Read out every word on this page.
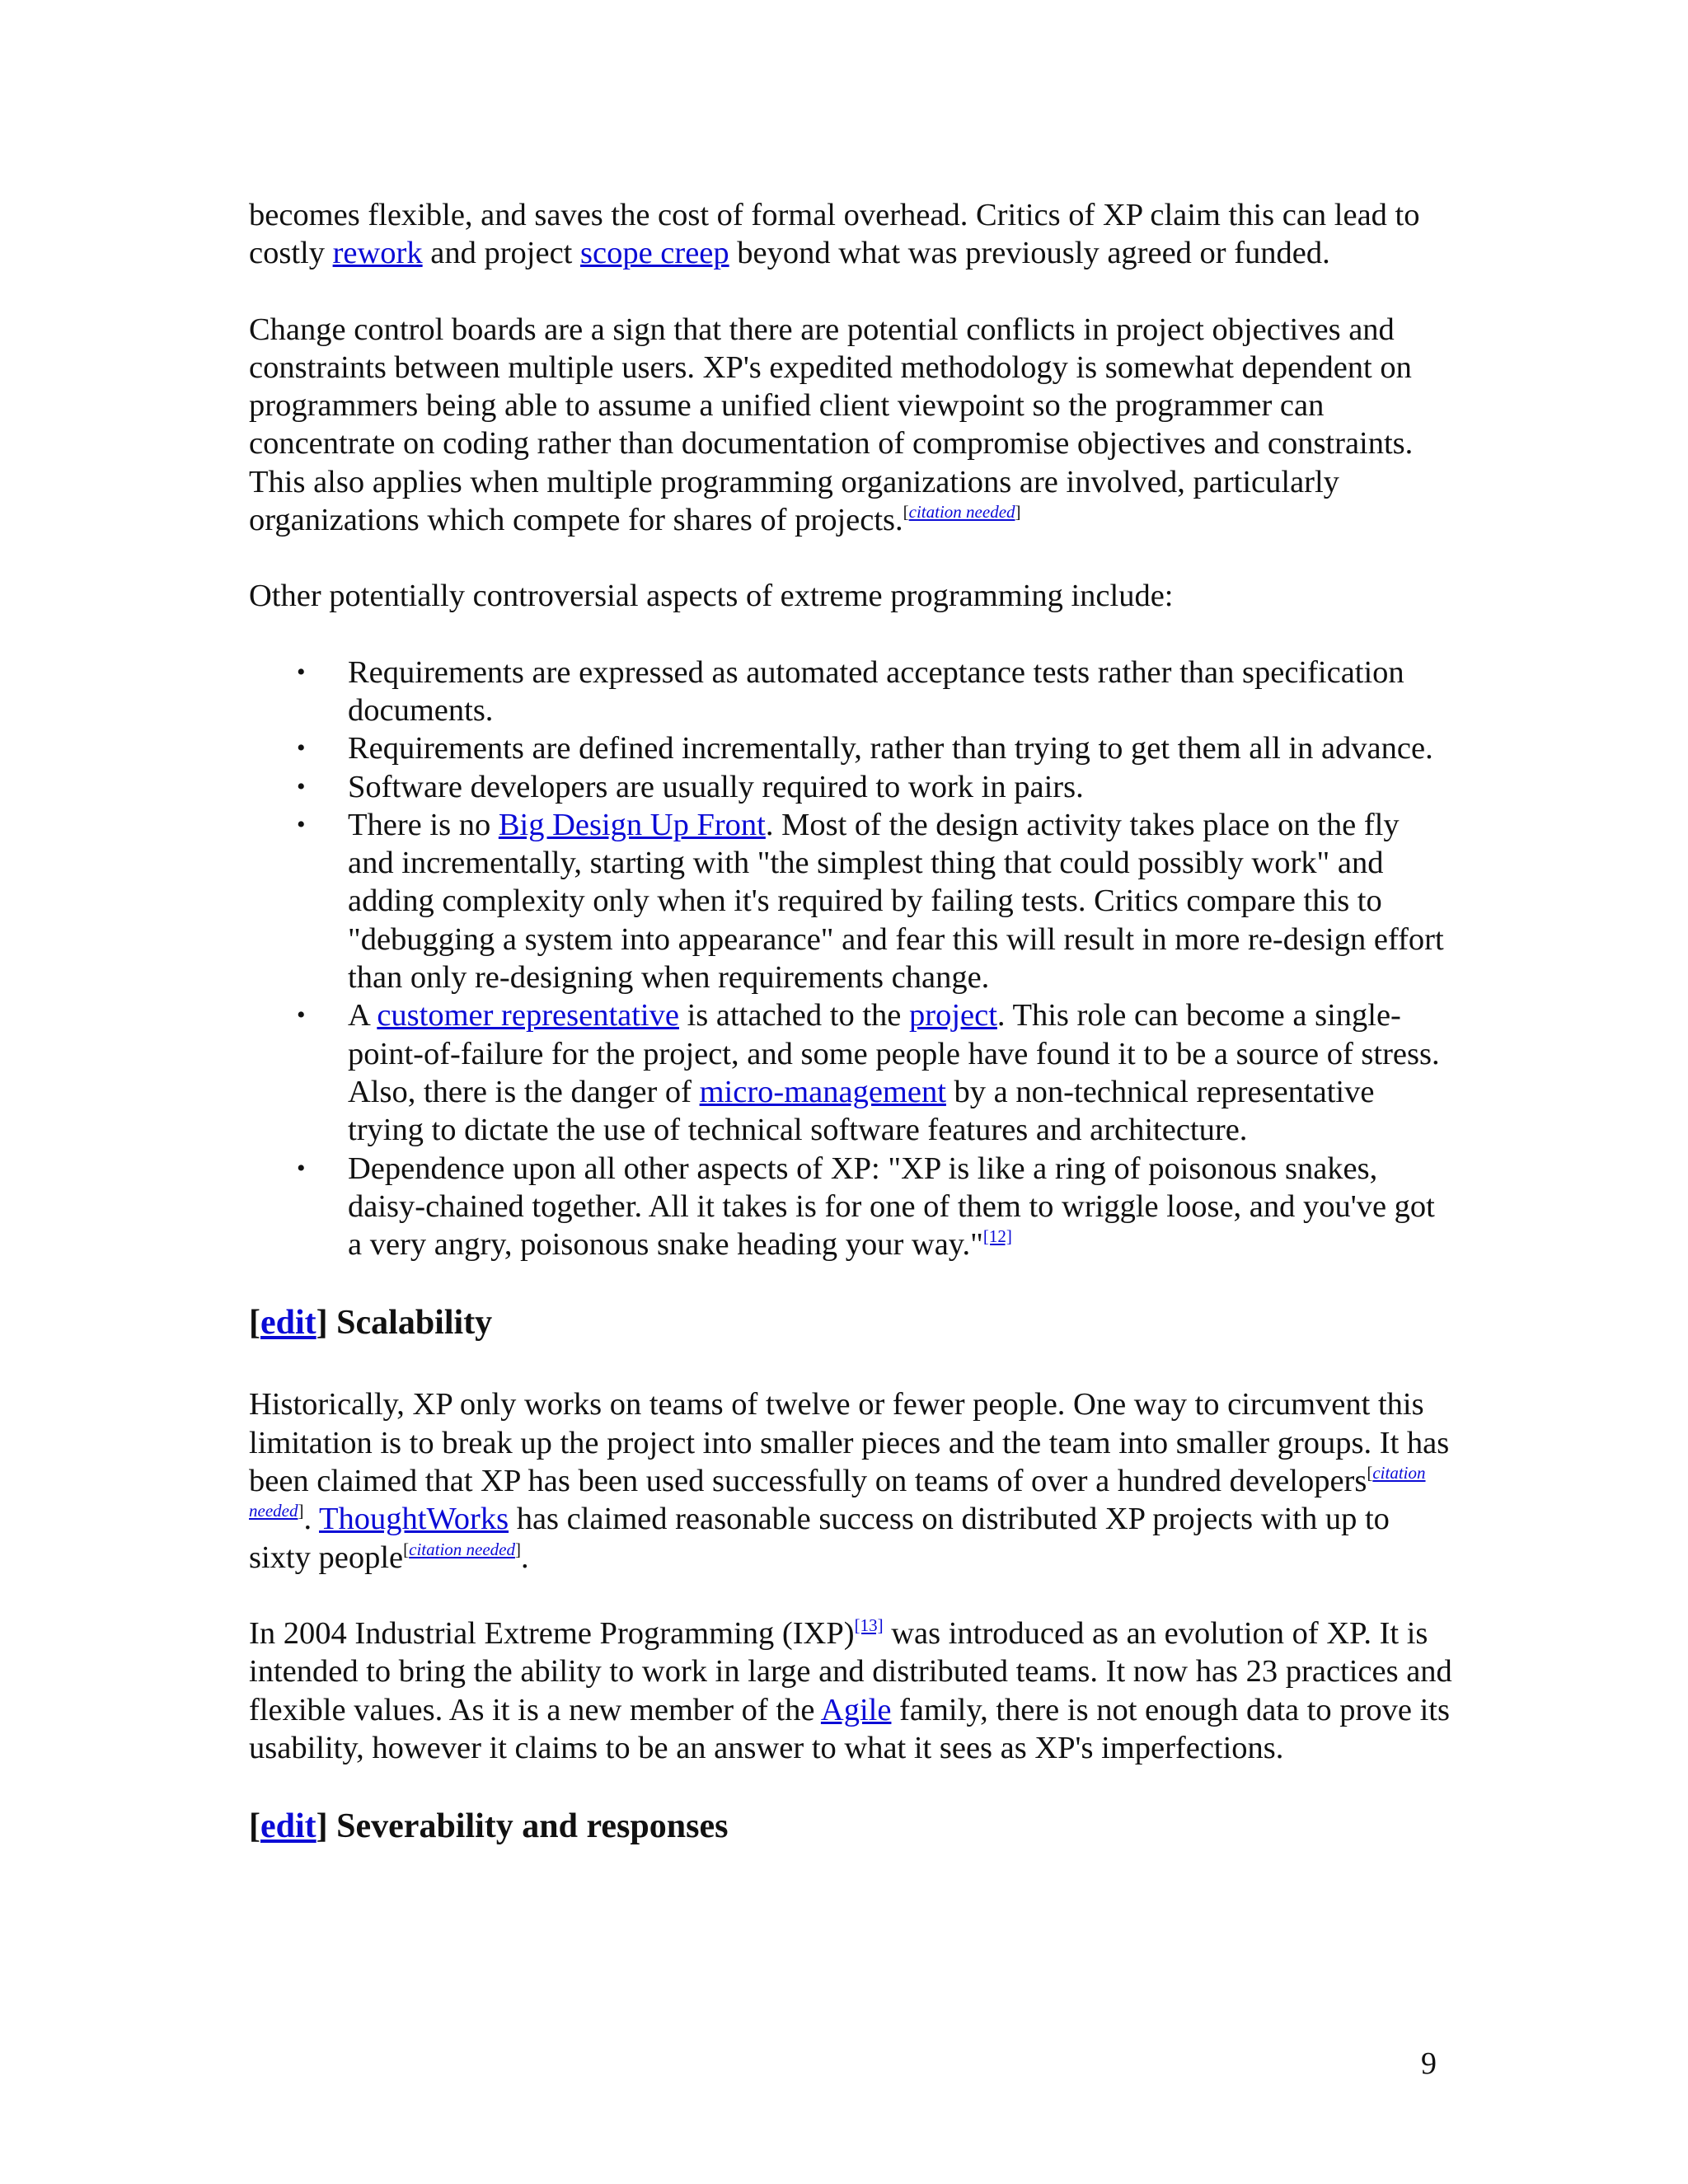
becomes flexible, and saves the cost of formal overhead. Critics of XP claim this can lead to costly rework and project scope creep beyond what was previously agreed or funded.

Change control boards are a sign that there are potential conflicts in project objectives and constraints between multiple users. XP's expedited methodology is somewhat dependent on programmers being able to assume a unified client viewpoint so the programmer can concentrate on coding rather than documentation of compromise objectives and constraints. This also applies when multiple programming organizations are involved, particularly organizations which compete for shares of projects.[citation needed]

Other potentially controversial aspects of extreme programming include:

• Requirements are expressed as automated acceptance tests rather than specification documents.
• Requirements are defined incrementally, rather than trying to get them all in advance.
• Software developers are usually required to work in pairs.
• There is no Big Design Up Front. Most of the design activity takes place on the fly and incrementally, starting with "the simplest thing that could possibly work" and adding complexity only when it's required by failing tests. Critics compare this to "debugging a system into appearance" and fear this will result in more re-design effort than only re-designing when requirements change.
• A customer representative is attached to the project. This role can become a single-point-of-failure for the project, and some people have found it to be a source of stress. Also, there is the danger of micro-management by a non-technical representative trying to dictate the use of technical software features and architecture.
• Dependence upon all other aspects of XP: "XP is like a ring of poisonous snakes, daisy-chained together. All it takes is for one of them to wriggle loose, and you've got a very angry, poisonous snake heading your way."[12]
[edit] Scalability

Historically, XP only works on teams of twelve or fewer people. One way to circumvent this limitation is to break up the project into smaller pieces and the team into smaller groups. It has been claimed that XP has been used successfully on teams of over a hundred developers[citation needed]. ThoughtWorks has claimed reasonable success on distributed XP projects with up to sixty people[citation needed].

In 2004 Industrial Extreme Programming (IXP)[13] was introduced as an evolution of XP. It is intended to bring the ability to work in large and distributed teams. It now has 23 practices and flexible values. As it is a new member of the Agile family, there is not enough data to prove its usability, however it claims to be an answer to what it sees as XP's imperfections.

[edit] Severability and responses
9
